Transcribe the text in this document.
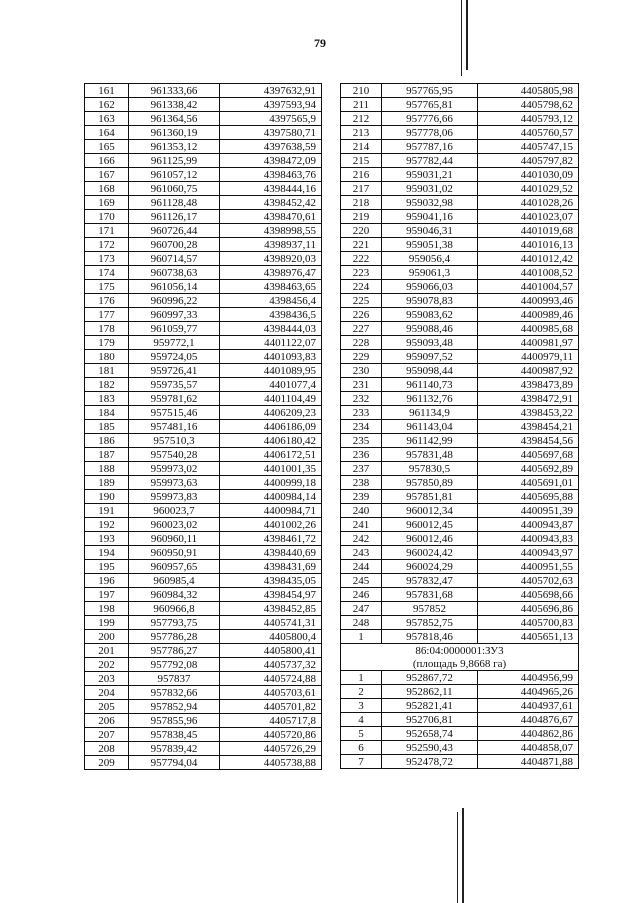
79
161	961333,66	4397632,91
162	961338,42	4397593,94
163	961364,56	4397565,9
164	961360,19	4397580,71
165	961353,12	4397638,59
166	961125,99	4398472,09
167	961057,12	4398463,76
168	961060,75	4398444,16
169	961128,48	4398452,42
170	961126,17	4398470,61
171	960726,44	4398998,55
172	960700,28	4398937,11
173	960714,57	4398920,03
174	960738,63	4398976,47
175	961056,14	4398463,65
176	960996,22	4398456,4
177	960997,33	4398436,5
178	961059,77	4398444,03
179	959772,1	4401122,07
180	959724,05	4401093,83
181	959726,41	4401089,95
182	959735,57	4401077,4
183	959781,62	4401104,49
184	957515,46	4406209,23
185	957481,16	4406186,09
186	957510,3	4406180,42
187	957540,28	4406172,51
188	959973,02	4401001,35
189	959973,63	4400999,18
190	959973,83	4400984,14
191	960023,7	4400984,71
192	960023,02	4401002,26
193	960960,11	4398461,72
194	960950,91	4398440,69
195	960957,65	4398431,69
196	960985,4	4398435,05
197	960984,32	4398454,97
198	960966,8	4398452,85
199	957793,75	4405741,31
200	957786,28	4405800,4
201	957786,27	4405800,41
202	957792,08	4405737,32
203	957837	4405724,88
204	957832,66	4405703,61
205	957852,94	4405701,82
206	957855,96	4405717,8
207	957838,45	4405720,86
208	957839,42	4405726,29
209	957794,04	4405738,88
210	957765,95	4405805,98
211	957765,81	4405798,62
212	957776,66	4405793,12
213	957778,06	4405760,57
214	957787,16	4405747,15
215	957782,44	4405797,82
216	959031,21	4401030,09
217	959031,02	4401029,52
218	959032,98	4401028,26
219	959041,16	4401023,07
220	959046,31	4401019,68
221	959051,38	4401016,13
222	959056,4	4401012,42
223	959061,3	4401008,52
224	959066,03	4401004,57
225	959078,83	4400993,46
226	959083,62	4400989,46
227	959088,46	4400985,68
228	959093,48	4400981,97
229	959097,52	4400979,11
230	959098,44	4400987,92
231	961140,73	4398473,89
232	961132,76	4398472,91
233	961134,9	4398453,22
234	961143,04	4398454,21
235	961142,99	4398454,56
236	957831,48	4405697,68
237	957830,5	4405692,89
238	957850,89	4405691,01
239	957851,81	4405695,88
240	960012,34	4400951,39
241	960012,45	4400943,87
242	960012,46	4400943,83
243	960024,42	4400943,97
244	960024,29	4400951,55
245	957832,47	4405702,63
246	957831,68	4405698,66
247	957852	4405696,86
248	957852,75	4405700,83
1	957818,46	4405651,13
86:04:0000001:ЗУ3		
(площадь 9,8668 га)		
1	952867,72	4404956,99
2	952862,11	4404965,26
3	952821,41	4404937,61
4	952706,81	4404876,67
5	952658,74	4404862,86
6	952590,43	4404858,07
7	952478,72	4404871,88
